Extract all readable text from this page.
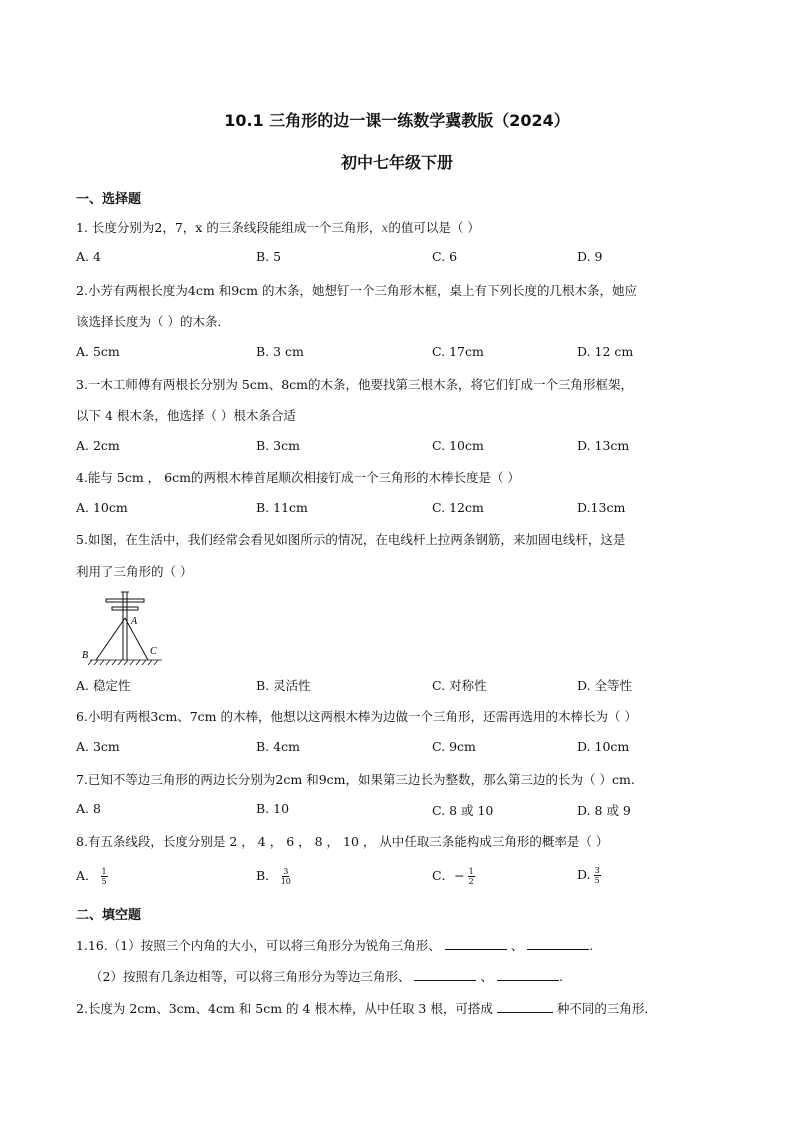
10.1 三角形的边一课一练数学冀教版（2024）
初中七年级下册
一、选择题
1. 长度分别为2，7，x 的三条线段能组成一个三角形，x的值可以是（ ）
A. 4	B. 5	C. 6	D. 9
2.小芳有两根长度为4cm 和9cm 的木条，她想钉一个三角形木框，桌上有下列长度的几根木条，她应
该选择长度为（ ）的木条．
A. 5cm	B. 3 cm	C. 17cm	D. 12 cm
3.一木工师傅有两根长分别为 5cm、8cm的木条，他要找第三根木条，将它们钉成一个三角形框架，
以下 4 根木条，他选择（ ）根木条合适
A. 2cm	B. 3cm	C. 10cm	D. 13cm
4.能与 5cm ， 6cm的两根木棒首尾顺次相接钉成一个三角形的木棒长度是（ ）
A. 10cm	B. 11cm	C. 12cm	D.13cm
5.如图，在生活中，我们经常会看见如图所示的情况，在电线杆上拉两条钢筋，来加固电线杆，这是
利用了三角形的（ ）
A
B	C
A. 稳定性	B. 灵活性	C. 对称性	D. 全等性
6.小明有两根3cm、7cm 的木棒，他想以这两根木棒为边做一个三角形，还需再选用的木棒长为（ ）
A. 3cm	B. 4cm	C. 9cm	D. 10cm
7.已知不等边三角形的两边长分别为2cm 和9cm，如果第三边长为整数，那么第三边的长为（ ）cm.
A. 8	B. 10	C. 8 或 10	D. 8 或 9
8.有五条线段，长度分别是 2 ， 4 ， 6 ， 8 ， 10 ， 从中任取三条能构成三角形的概率是（ ）
A． $\frac{1}{5}$	B． $\frac{3}{10}$	C．− $\frac{1}{2}$	D. $\frac{3}{5}$
二、填空题
1.16.（1）按照三个内角的大小，可以将三角形分为锐角三角形、	、	.
（2）按照有几条边相等，可以将三角形分为等边三角形、	、	.
2.长度为 2cm、3cm、4cm 和 5cm 的 4 根木棒，从中任取 3 根，可搭成	种不同的三角形．
